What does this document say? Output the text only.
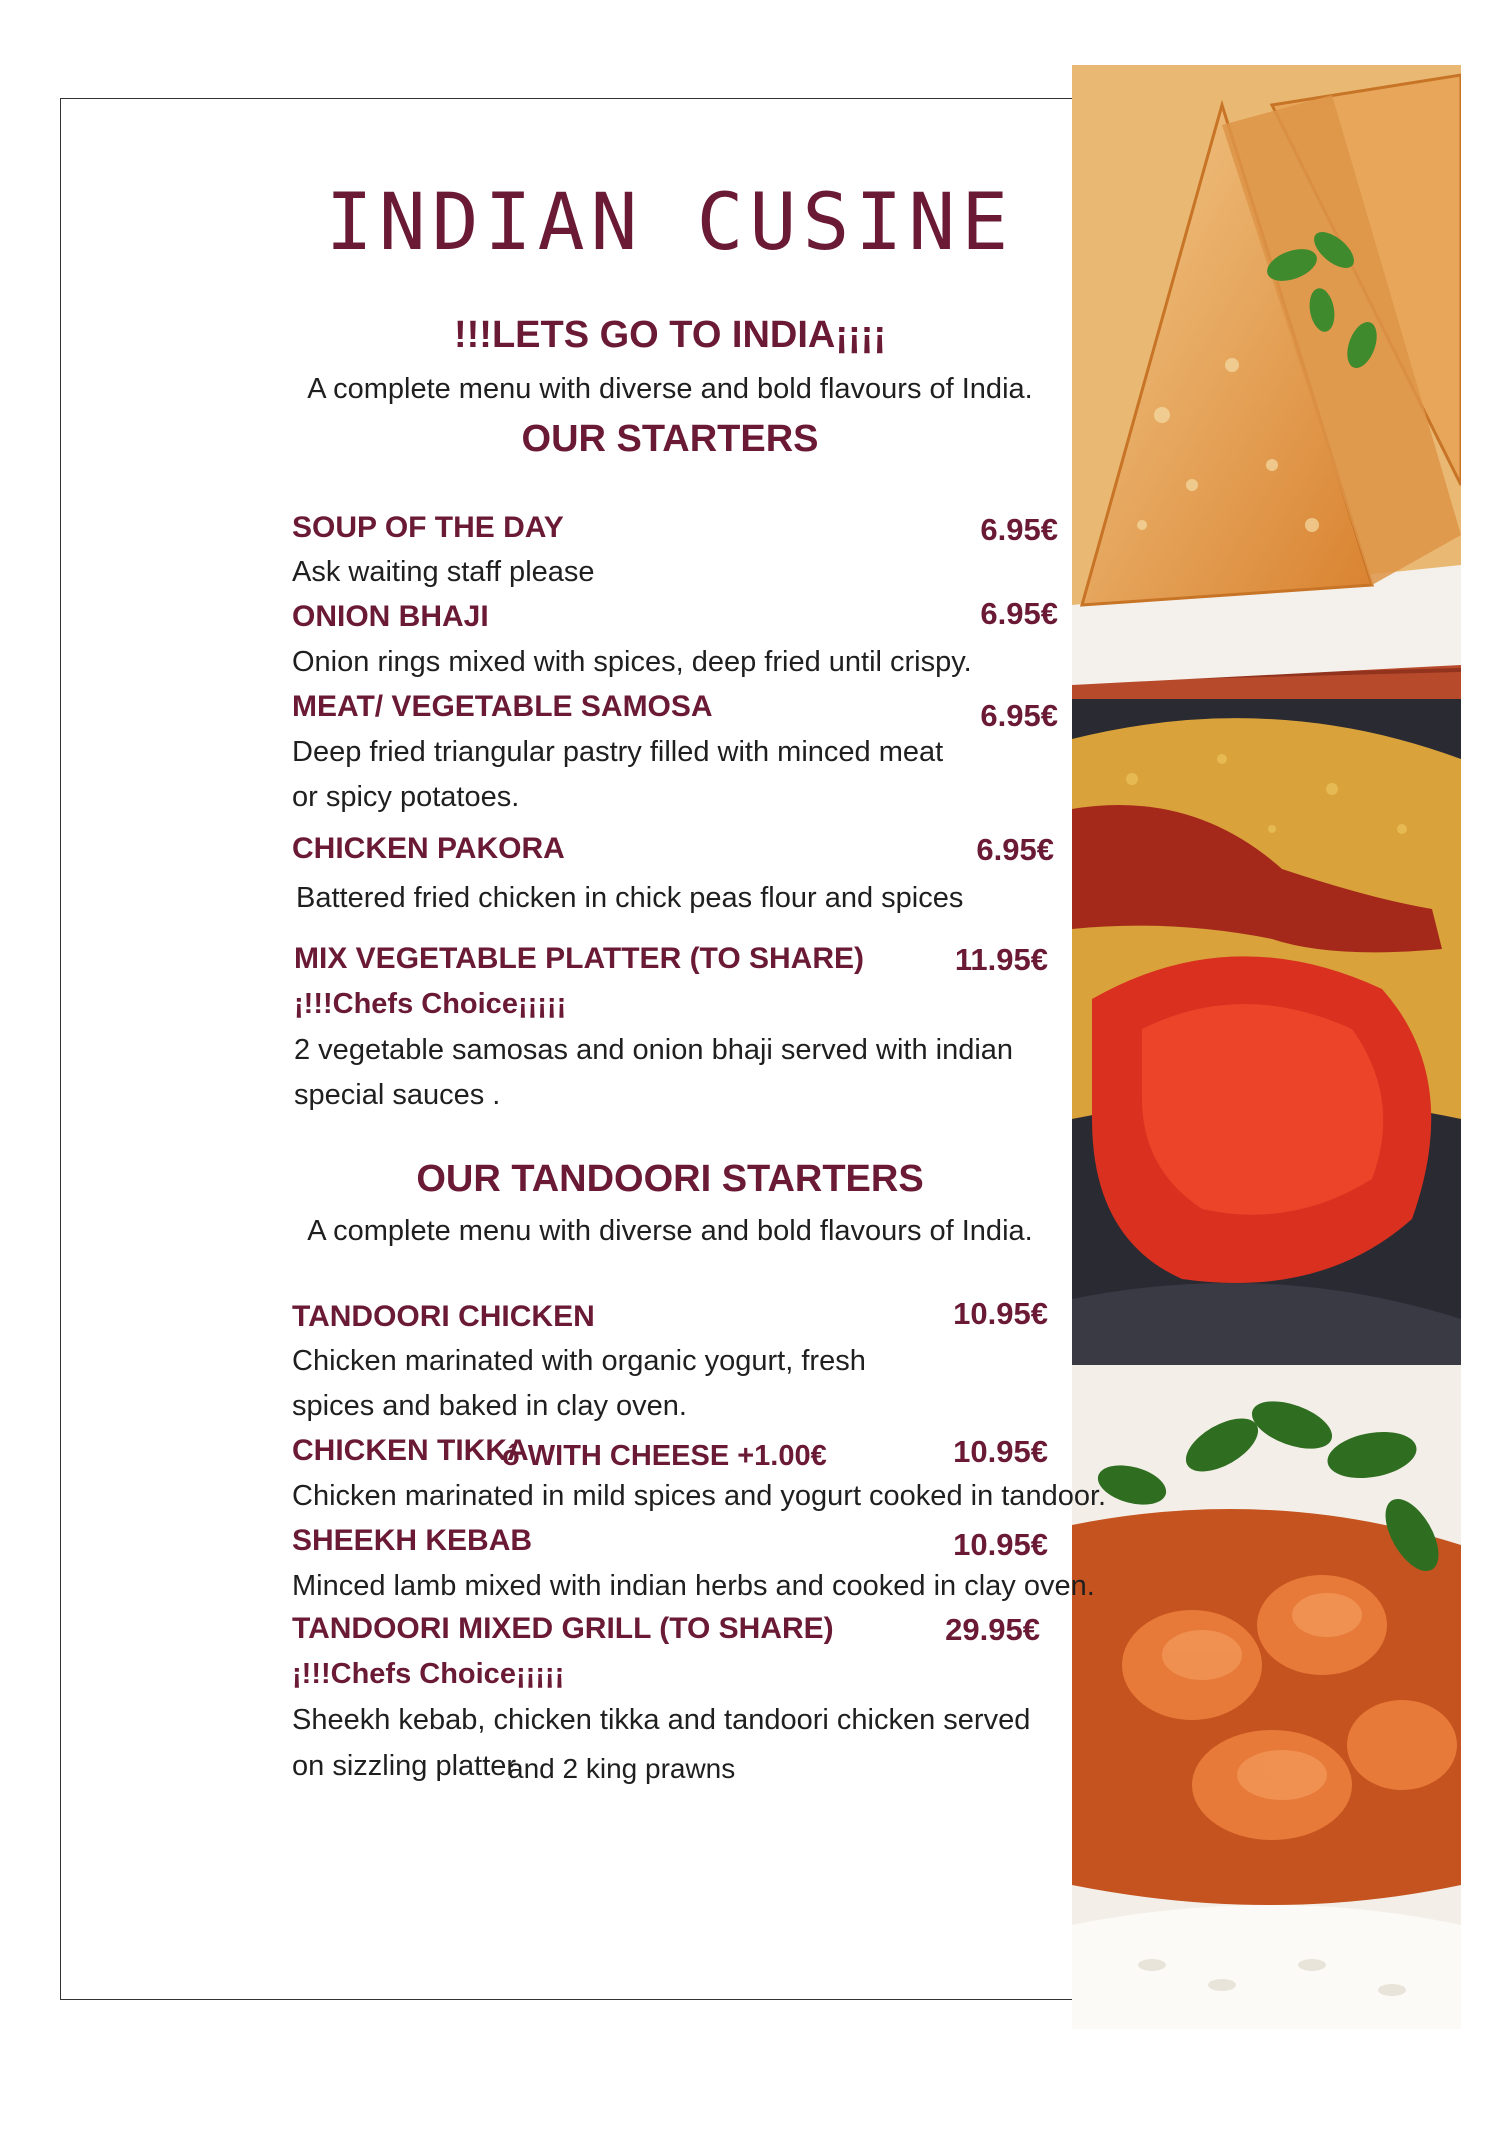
INDIAN CUSINE
!!!LETS GO TO INDIA¡¡¡¡
A complete menu with diverse and bold flavours of India.
OUR STARTERS
SOUP OF THE DAY	6.95€
Ask waiting staff please
ONION BHAJI	6.95€
Onion rings mixed with spices, deep fried until crispy.
MEAT/ VEGETABLE SAMOSA	6.95€
Deep fried triangular pastry filled with minced meat
or spicy potatoes.
CHICKEN PAKORA	6.95€
Battered fried chicken in chick peas flour and spices
MIX VEGETABLE PLATTER (TO SHARE)	11.95€
¡!!!Chefs Choice¡¡¡¡¡
2 vegetable samosas and onion bhaji served with indian
special sauces .
OUR TANDOORI STARTERS
A complete menu with diverse and bold flavours of India.
TANDOORI CHICKEN	10.95€
Chicken marinated with organic yogurt, fresh
spices and baked in clay oven.
CHICKEN TIKKA
ó WITH CHEESE +1.00€	10.95€
Chicken marinated in mild spices and yogurt cooked in tandoor.
SHEEKH KEBAB	10.95€
Minced lamb mixed with indian herbs and cooked in clay oven.
TANDOORI MIXED GRILL (TO SHARE)	29.95€
¡!!!Chefs Choice¡¡¡¡¡
Sheekh kebab, chicken tikka and tandoori chicken served
on sizzling platter
and 2 king prawns
